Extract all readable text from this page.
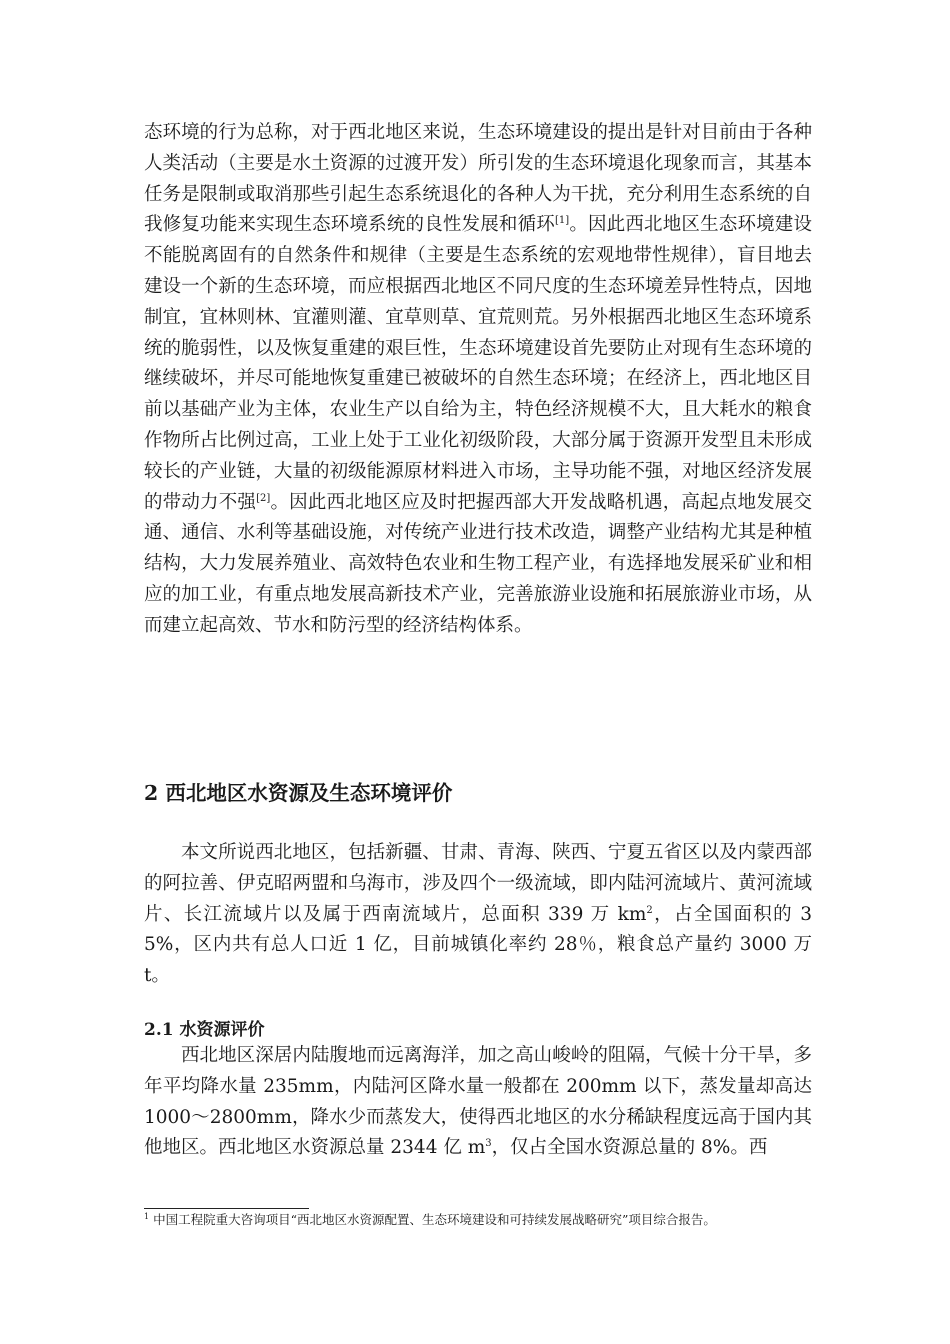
态环境的行为总称，对于西北地区来说，生态环境建设的提出是针对目前由于各种人类活动（主要是水土资源的过渡开发）所引发的生态环境退化现象而言，其基本任务是限制或取消那些引起生态系统退化的各种人为干扰，充分利用生态系统的自我修复功能来实现生态环境系统的良性发展和循环[1]。因此西北地区生态环境建设不能脱离固有的自然条件和规律（主要是生态系统的宏观地带性规律），盲目地去建设一个新的生态环境，而应根据西北地区不同尺度的生态环境差异性特点，因地制宜，宜林则林、宜灌则灌、宜草则草、宜荒则荒。另外根据西北地区生态环境系统的脆弱性，以及恢复重建的艰巨性，生态环境建设首先要防止对现有生态环境的继续破坏，并尽可能地恢复重建已被破坏的自然生态环境；在经济上，西北地区目前以基础产业为主体，农业生产以自给为主，特色经济规模不大，且大耗水的粮食作物所占比例过高，工业上处于工业化初级阶段，大部分属于资源开发型且未形成较长的产业链，大量的初级能源原材料进入市场，主导功能不强，对地区经济发展的带动力不强[2]。因此西北地区应及时把握西部大开发战略机遇，高起点地发展交通、通信、水利等基础设施，对传统产业进行技术改造，调整产业结构尤其是种植结构，大力发展养殖业、高效特色农业和生物工程产业，有选择地发展采矿业和相应的加工业，有重点地发展高新技术产业，完善旅游业设施和拓展旅游业市场，从而建立起高效、节水和防污型的经济结构体系。

2 西北地区水资源及生态环境评价

本文所说西北地区，包括新疆、甘肃、青海、陕西、宁夏五省区以及内蒙西部的阿拉善、伊克昭两盟和乌海市，涉及四个一级流域，即内陆河流域片、黄河流域片、长江流域片以及属于西南流域片，总面积 339 万 $km^2$，占全国面积的 35%，区内共有总人口近 1 亿，目前城镇化率约 28％，粮食总产量约 3000 万 t。

2.1 水资源评价

西北地区深居内陆腹地而远离海洋，加之高山峻岭的阻隔，气候十分干旱，多年平均降水量 235mm，内陆河区降水量一般都在 200mm 以下，蒸发量却高达 1000～2800mm，降水少而蒸发大，使得西北地区的水分稀缺程度远高于国内其他地区。西北地区水资源总量 2344 亿 $m^3$，仅占全国水资源总量的 8%。西

$^1$ 中国工程院重大咨询项目“西北地区水资源配置、生态环境建设和可持续发展战略研究”项目综合报告。
